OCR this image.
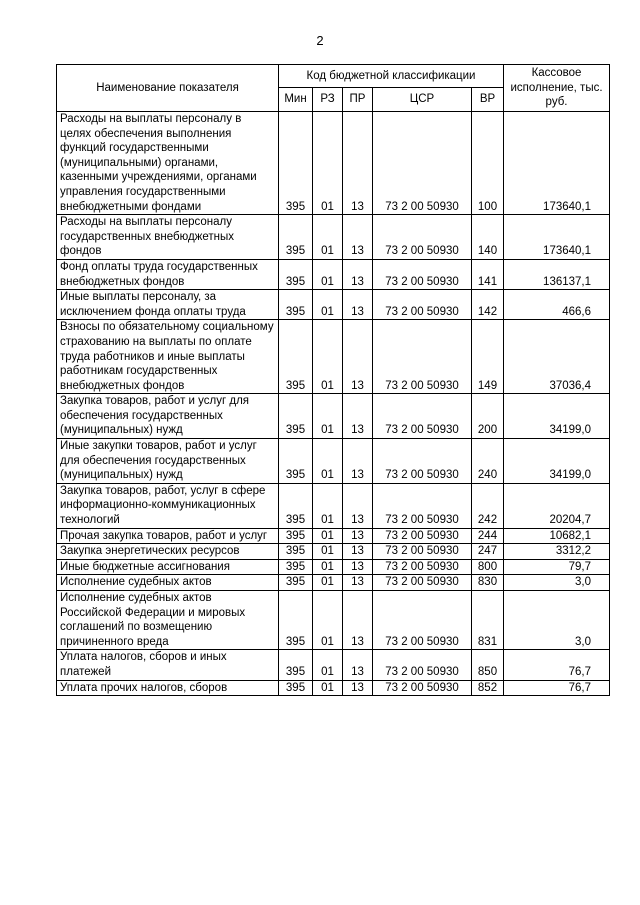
2
Наименование показателя	Код бюджетной классификации					Кассовое исполнение, тыс. руб.
	Мин	РЗ	ПР	ЦСР	ВР	
Расходы на выплаты персоналу в целях обеспечения выполнения функций государственными (муниципальными) органами, казенными учреждениями, органами управления государственными внебюджетными фондами	395	01	13	73 2 00 50930	100	173640,1
Расходы на выплаты персоналу государственных внебюджетных фондов	395	01	13	73 2 00 50930	140	173640,1
Фонд оплаты труда государственных внебюджетных фондов	395	01	13	73 2 00 50930	141	136137,1
Иные выплаты персоналу, за исключением фонда оплаты труда	395	01	13	73 2 00 50930	142	466,6
Взносы по обязательному социальному страхованию на выплаты по оплате труда работников и иные выплаты работникам государственных внебюджетных фондов	395	01	13	73 2 00 50930	149	37036,4
Закупка товаров, работ и услуг для обеспечения государственных (муниципальных) нужд	395	01	13	73 2 00 50930	200	34199,0
Иные закупки товаров, работ и услуг для обеспечения государственных (муниципальных) нужд	395	01	13	73 2 00 50930	240	34199,0
Закупка товаров, работ, услуг в сфере информационно-коммуникационных технологий	395	01	13	73 2 00 50930	242	20204,7
Прочая закупка товаров, работ и услуг	395	01	13	73 2 00 50930	244	10682,1
Закупка энергетических ресурсов	395	01	13	73 2 00 50930	247	3312,2
Иные бюджетные ассигнования	395	01	13	73 2 00 50930	800	79,7
Исполнение судебных актов	395	01	13	73 2 00 50930	830	3,0
Исполнение судебных актов Российской Федерации и мировых соглашений по возмещению причиненного вреда	395	01	13	73 2 00 50930	831	3,0
Уплата налогов, сборов и иных платежей	395	01	13	73 2 00 50930	850	76,7
Уплата прочих налогов, сборов	395	01	13	73 2 00 50930	852	76,7
